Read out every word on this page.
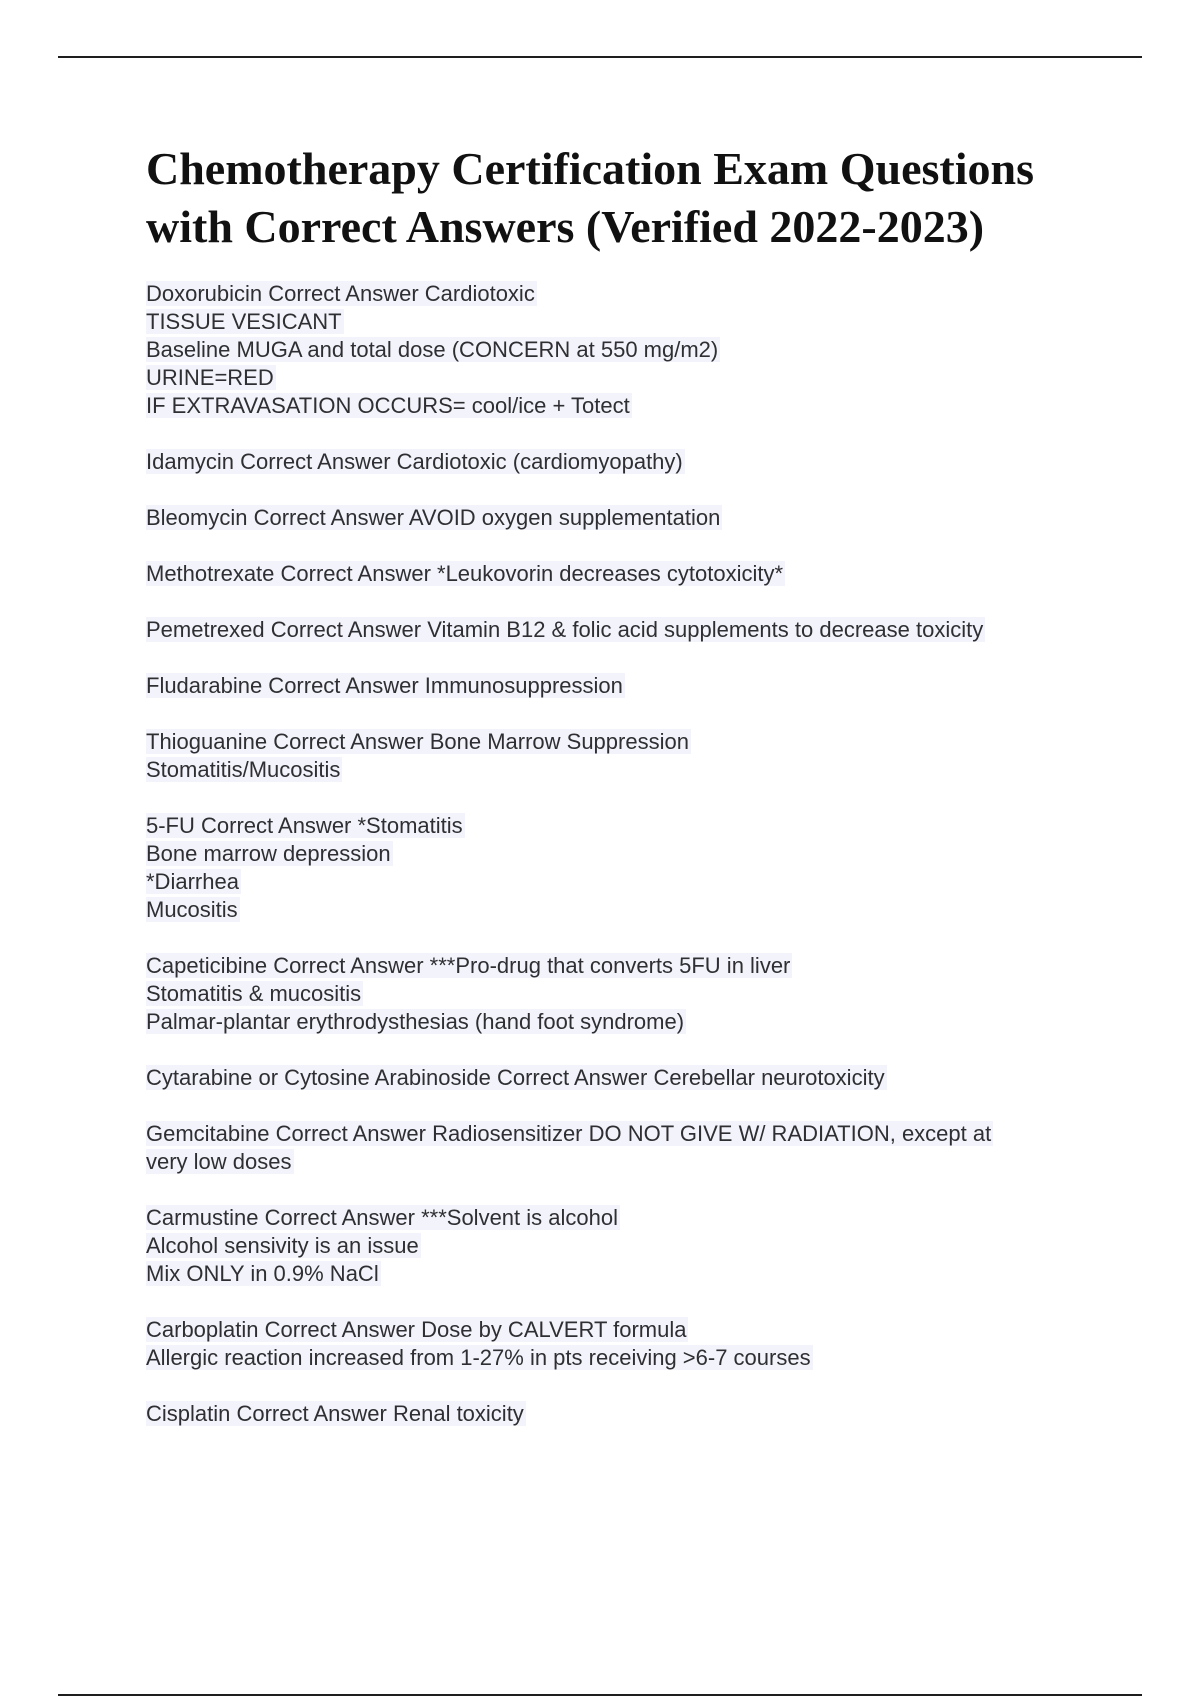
Chemotherapy Certification Exam Questions with Correct Answers (Verified 2022-2023)
Doxorubicin Correct Answer Cardiotoxic
TISSUE VESICANT
Baseline MUGA and total dose (CONCERN at 550 mg/m2)
URINE=RED
IF EXTRAVASATION OCCURS= cool/ice + Totect
Idamycin Correct Answer Cardiotoxic (cardiomyopathy)
Bleomycin Correct Answer AVOID oxygen supplementation
Methotrexate Correct Answer *Leukovorin decreases cytotoxicity*
Pemetrexed Correct Answer Vitamin B12 & folic acid supplements to decrease toxicity
Fludarabine Correct Answer Immunosuppression
Thioguanine Correct Answer Bone Marrow Suppression
Stomatitis/Mucositis
5-FU Correct Answer *Stomatitis
Bone marrow depression
*Diarrhea
Mucositis
Capeticibine Correct Answer ***Pro-drug that converts 5FU in liver
Stomatitis & mucositis
Palmar-plantar erythrodysthesias (hand foot syndrome)
Cytarabine or Cytosine Arabinoside Correct Answer Cerebellar neurotoxicity
Gemcitabine Correct Answer Radiosensitizer DO NOT GIVE W/ RADIATION, except at
very low doses
Carmustine Correct Answer ***Solvent is alcohol
Alcohol sensivity is an issue
Mix ONLY in 0.9% NaCl
Carboplatin Correct Answer Dose by CALVERT formula
Allergic reaction increased from 1-27% in pts receiving >6-7 courses
Cisplatin Correct Answer Renal toxicity
